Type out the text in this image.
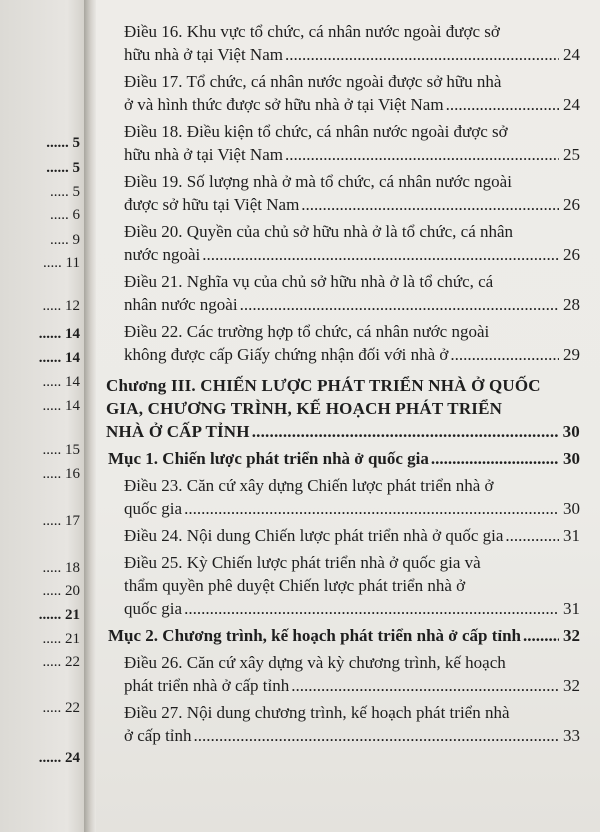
...... 5
...... 5
..... 5
..... 6
..... 9
..... 11
..... 12
...... 14
...... 14
..... 14
..... 14
..... 15
..... 16
..... 17
..... 18
..... 20
...... 21
..... 21
..... 22
..... 22
...... 24
Điều 16. Khu vực tổ chức, cá nhân nước ngoài được sở
hữu nhà ở tại Việt Nam .....	24
Điều 17. Tổ chức, cá nhân nước ngoài được sở hữu nhà
ở và hình thức được sở hữu nhà ở tại Việt Nam .....	24
Điều 18. Điều kiện tổ chức, cá nhân nước ngoài được sở
hữu nhà ở tại Việt Nam .....	25
Điều 19. Số lượng nhà ở mà tổ chức, cá nhân nước ngoài
được sở hữu tại Việt Nam .....	26
Điều 20. Quyền của chủ sở hữu nhà ở là tổ chức, cá nhân
nước ngoài .....	26
Điều 21. Nghĩa vụ của chủ sở hữu nhà ở là tổ chức, cá
nhân nước ngoài .....	28
Điều 22. Các trường hợp tổ chức, cá nhân nước ngoài
không được cấp Giấy chứng nhận đối với nhà ở .....	29
Chương III. CHIẾN LƯỢC PHÁT TRIỂN NHÀ Ở QUỐC
GIA, CHƯƠNG TRÌNH, KẾ HOẠCH PHÁT TRIỂN
NHÀ Ở CẤP TỈNH .....	30
Mục 1. Chiến lược phát triển nhà ở quốc gia .....	30
Điều 23. Căn cứ xây dựng Chiến lược phát triển nhà ở
quốc gia .....	30
Điều 24. Nội dung Chiến lược phát triển nhà ở quốc gia .....	31
Điều 25. Kỳ Chiến lược phát triển nhà ở quốc gia và
thẩm quyền phê duyệt Chiến lược phát triển nhà ở
quốc gia .....	31
Mục 2. Chương trình, kế hoạch phát triển nhà ở cấp tỉnh ..... 32
Điều 26. Căn cứ xây dựng và kỳ chương trình, kế hoạch
phát triển nhà ở cấp tỉnh .....	32
Điều 27. Nội dung chương trình, kế hoạch phát triển nhà
ở cấp tỉnh .....	33
